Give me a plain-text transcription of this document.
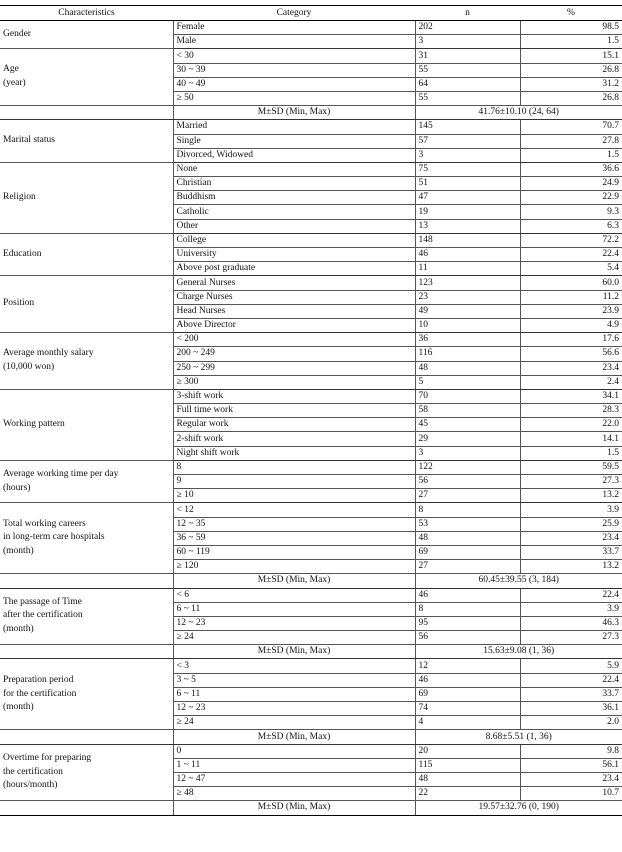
Characteristics	Category	n	%
Gender	Female	202	98.5
	Male	3	1.5
Age
(year)	< 30	31	15.1
	30 ~ 39	55	26.8
	40 ~ 49	64	31.2
	≥ 50	55	26.8
	M±SD (Min, Max)	41.76±10.10 (24, 64)	
Marital status	Married	145	70.7
	Single	57	27.8
	Divorced, Widowed	3	1.5
Religion	None	75	36.6
	Christian	51	24.9
	Buddhism	47	22.9
	Catholic	19	9.3
	Other	13	6.3
Education	College	148	72.2
	University	46	22.4
	Above post graduate	11	5.4
Position	General Nurses	123	60.0
	Charge Nurses	23	11.2
	Head Nurses	49	23.9
	Above Director	10	4.9
Average monthly salary
(10,000 won)	< 200	36	17.6
	200 ~ 249	116	56.6
	250 ~ 299	48	23.4
	≥ 300	5	2.4
Working pattern	3-shift work	70	34.1
	Full time work	58	28.3
	Regular work	45	22.0
	2-shift work	29	14.1
	Night shift work	3	1.5
Average working time per day
(hours)	8	122	59.5
	9	56	27.3
	≥ 10	27	13.2
Total working careers
in long-term care hospitals
(month)	< 12	8	3.9
	12 ~ 35	53	25.9
	36 ~ 59	48	23.4
	60 ~ 119	69	33.7
	≥ 120	27	13.2
	M±SD (Min, Max)	60.45±39.55 (3, 184)	
The passage of Time
after the certification
(month)	< 6	46	22.4
	6 ~ 11	8	3.9
	12 ~ 23	95	46.3
	≥ 24	56	27.3
	M±SD (Min, Max)	15.63±9.08 (1, 36)	
Preparation period
for the certification
(month)	< 3	12	5.9
	3 ~ 5	46	22.4
	6 ~ 11	69	33.7
	12 ~ 23	74	36.1
	≥ 24	4	2.0
	M±SD (Min, Max)	8.68±5.51 (1, 36)	
Overtime for preparing
the certification
(hours/month)	0	20	9.8
	1 ~ 11	115	56.1
	12 ~ 47	48	23.4
	≥ 48	22	10.7
	M±SD (Min, Max)	19.57±32.76 (0, 190)	
